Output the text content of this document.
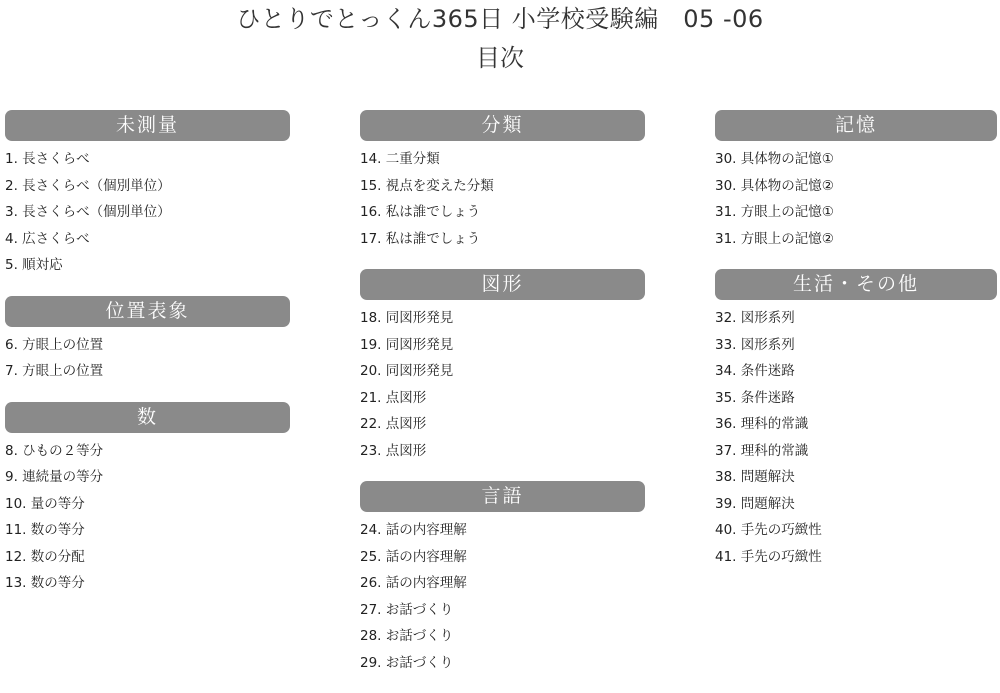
ひとりでとっくん365日 小学校受験編　05 -06
目次
未測量
1. 長さくらべ
2. 長さくらべ（個別単位）
3. 長さくらべ（個別単位）
4. 広さくらべ
5. 順対応
位置表象
6. 方眼上の位置
7. 方眼上の位置
数
8. ひもの２等分
9. 連続量の等分
10. 量の等分
11. 数の等分
12. 数の分配
13. 数の等分
分類
14. 二重分類
15. 視点を変えた分類
16. 私は誰でしょう
17. 私は誰でしょう
図形
18. 同図形発見
19. 同図形発見
20. 同図形発見
21. 点図形
22. 点図形
23. 点図形
言語
24. 話の内容理解
25. 話の内容理解
26. 話の内容理解
27. お話づくり
28. お話づくり
29. お話づくり
記憶
30. 具体物の記憶①
30. 具体物の記憶②
31. 方眼上の記憶①
31. 方眼上の記憶②
生活・その他
32. 図形系列
33. 図形系列
34. 条件迷路
35. 条件迷路
36. 理科的常識
37. 理科的常識
38. 問題解決
39. 問題解決
40. 手先の巧緻性
41. 手先の巧緻性
